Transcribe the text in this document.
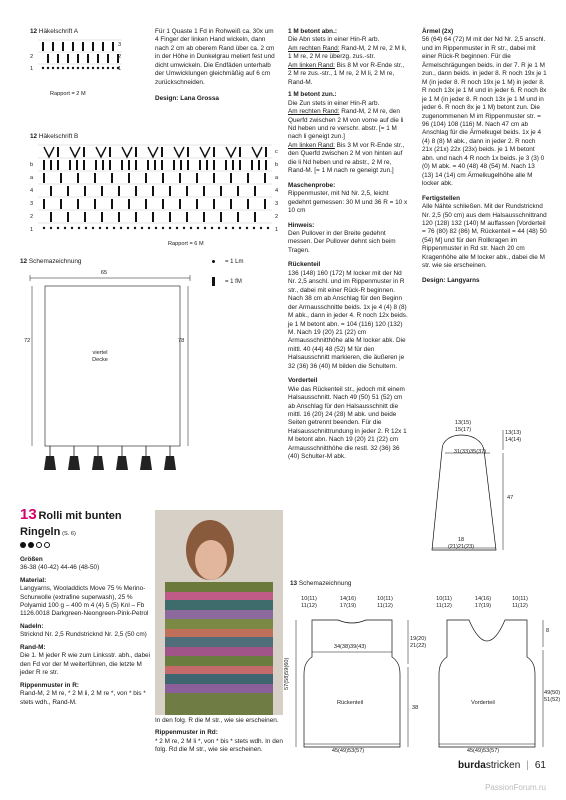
12 Häkelschrift A
3
2
1
2
1
Rapport = 2 M
12 Häkelschrift B
c
b
a
4
3
2
1
b
a
4
3
2
1
Rapport = 6 M
12 Schemazeichnung	= 1 Lm
= 1 fM
65
72	78
viertel
Decke

Für 1 Quaste 1 Fd in Rohweiß ca. 30x um 4 Finger der linken Hand wickeln, dann nach 2 cm ab oberem Rand über ca. 2 cm in der Höhe in Dunkelgrau meliert fest und dicht umwickeln. Die Endfäden unterhalb der Umwicklungen gleichmäßig auf 6 cm zurückschneiden.

Design: Lana Grossa

1 M betont abn.:

Die Abn stets in einer Hin-R arb.

Am rechten Rand: Rand-M, 2 M re, 2 M li, 1 M re, 2 M re überzg. zus.-str.

Am linken Rand: Bis 8 M vor R-Ende str., 2 M re zus.-str., 1 M re, 2 M li, 2 M re, Rand-M.

1 M betont zun.:

Die Zun stets in einer Hin-R arb.

Am rechten Rand: Rand-M, 2 M re, den Querfd zwischen 2 M von vorne auf die li Nd heben und re verschr. abstr. [= 1 M nach li geneigt zun.]

Am linken Rand: Bis 3 M vor R-Ende str., den Querfd zwischen 2 M von hinten auf die li Nd heben und re abstr., 2 M re, Rand-M. [= 1 M nach re geneigt zun.]

Maschenprobe:

Rippenmuster, mit Nd Nr. 2,5, leicht gedehnt gemessen: 30 M und 36 R = 10 x 10 cm

Hinweis:

Den Pullover in der Breite gedehnt messen. Der Pullover dehnt sich beim Tragen.

Rückenteil

136 (148) 160 (172) M locker mit der Nd Nr. 2,5 anschl. und im Rippenmuster in R str., dabei mit einer Rück-R beginnen. Nach 38 cm ab Anschlag für den Beginn der Armausschnitte beids. 1x je 4 (4) 8 (8) M abk., dann in jeder 4. R noch 12x beids. je 1 M betont abn. = 104 (116) 120 (132) M. Nach 19 (20) 21 (22) cm Armausschnitthöhe alle M locker abk. Die mittl. 40 (44) 48 (52) M für den Halsausschnitt markieren, die äußeren je 32 (36) 36 (40) M bilden die Schultern.

Vorderteil

Wie das Rückenteil str., jedoch mit einem Halsausschnitt. Nach 49 (50) 51 (52) cm ab Anschlag für den Halsausschnitt die mittl. 16 (20) 24 (28) M abk. und beide Seiten getrennt beenden. Für die Halsausschnittrundung in jeder 2. R 12x 1 M betont abn. Nach 19 (20) 21 (22) cm Armausschnitthöhe die restl. 32 (36) 36 (40) Schulter-M abk.

Ärmel (2x)

56 (64) 64 (72) M mit der Nd Nr. 2,5 anschl. und im Rippenmuster in R str., dabei mit einer Rück-R beginnen. Für die Ärmelschrägungen beids. in der 7. R je 1 M zun., dann beids. in jeder 8. R noch 19x je 1 M (in jeder 8. R noch 19x je 1 M) in jeder 8. R noch 13x je 1 M und in jeder 6. R noch 8x je 1 M (in jeder 8. R noch 13x je 1 M und in jeder 6. R noch 8x je 1 M) betont zun. Die zugenommenen M im Rippenmuster str. = 96 (104) 108 (116) M. Nach 47 cm ab Anschlag für die Ärmelkugel beids. 1x je 4 (4) 8 (8) M abk., dann in jeder 2. R noch 21x (21x) 22x (23x) beids. je 1 M betont abn. und nach 4 R noch 1x beids. je 3 (3) 0 (0) M abk. = 40 (48) 48 (54) M. Nach 13 (13) 14 (14) cm Ärmelkugelhöhe alle M locker abk.

Fertigstellen

Alle Nähte schließen. Mit der Rundstricknd Nr. 2,5 (50 cm) aus dem Halsausschnittrand 120 (128) 132 (140) M auffassen [Vorderteil = 76 (80) 82 (86) M, Rückenteil = 44 (48) 50 (54) M] und für den Rollkragen im Rippenmuster in Rd str. Nach 20 cm Kragenhöhe alle M locker abk., dabei die M str. wie sie erscheinen.

Design: Langyarns

13 Rolli mit bunten
Ringeln (S. 6)

Größen

36-38 (40-42) 44-46 (48-50)

Material:

Langyarns, Wooladdicts Move 75 % Merino-Schurwolle (extrafine superwash), 25 % Polyamid 100 g – 400 m 4 (4) 5 (5) Knl – Fb 1126.0018 Darkgreen-Neongreen-Pink-Petrol

Nadeln:

Stricknd Nr. 2,5 Rundstricknd Nr. 2,5 (50 cm)

Rand-M:

Die 1. M jeder R wie zum Linksstr. abh., dabei den Fd vor der M weiterführen, die letzte M jeder R re str.

Rippenmuster in R:

Rand-M, 2 M re, * 2 M li, 2 M re *, von * bis * stets wdh., Rand-M.

In den folg. R die M str., wie sie erscheinen.

Rippenmuster in Rd:

* 2 M re, 2 M li *, von * bis * stets wdh. In den folg. Rd die M str., wie sie erscheinen.

13(15)
15(17)
31(33)35(37)
18
(21)21(23)
13(13)
14(14)
47
13 Schemazeichnung
10(11)
11(12)
14(16)
17(19)
10(11)
11(12)
34(38)39(43)
Rückenteil
45(49)53(57)
57(58)59(60)
19(20)
21(22)
38
10(11)
11(12)
14(16)
17(19)
10(11)
11(12)
Vorderteil
45(49)53(57)
8
49(50)
51(52)
burdastricken | 61
PassionForum.ru
